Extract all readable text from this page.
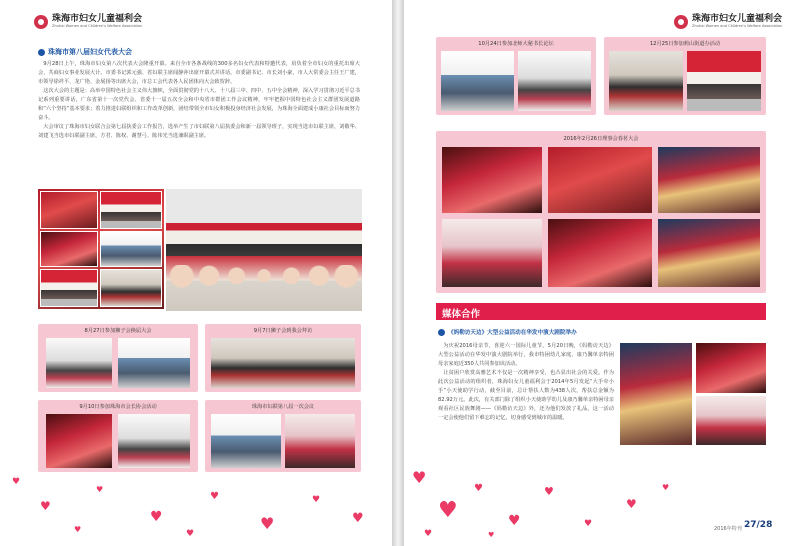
珠海市妇女儿童福利会
Zhuhai Women and Children's Welfare Association
珠海市第八届妇女代表大会

9月28日上午，珠海市妇女第八次代表大会隆重开幕。来自全市各条战线的300多名妇女代表和特邀代表，肩负着全市妇女的重托出席大会，共商妇女事业发展大计。市委书记郭元强、省妇联主席闻静萍出席开幕式并讲话。市委副书记、市长刘小豪，市人大常委会主任王广建，市领导徐祥平、龙广艳、金展扬等出席大会，市总工会代表各人民团体向大会致贺辞。

这次大会的主题是：高举中国特色社会主义伟大旗帜，全面贯彻党的十八大、十八届三中、四中、五中全会精神，深入学习贯彻习近平总书记系列重要讲话，广东省第十一次党代会、省委十一届五次全会和中央省市群团工作会议精神，牢牢把握中国特色社会主义群团发展道路和“六个坚持”基本要求；着力推进妇联组织和工作改革创新，团结带领全市妇女积极投身经济社会发展，为珠海全面建成小康社会目标而努力奋斗。

大会审议了珠海市妇女联合会第七届执委会工作报告，选举产生了市妇联第八届执委会和新一届领导班子，实现当选市妇联主席，刘敬华、刘建飞当选市妇联副主席，方君、陈权、谢慧弓、陈伟光当选兼职副主席。

8月27日参加狮子会换届大会	9月7日狮子会到我会拜访
9月10日参加珠海市会长协会活动	珠海市妇联第八届一次会议
♥
♥
♥
♥
♥
♥
♥
♥
♥	♥
珠海市妇女儿童福利会
Zhuhai Women and Children's Welfare Association
10月24日参加北师大秘书长论坛	12月25日参加莉山街道办活动
2016年2月26日理事会春茗大会
媒体合作
《妈勒访天边》大型公益活动在华发中演大剧院举办

为庆祝2016母亲节，喜迎六一国际儿童节，5月20日晚，《妈勒访天边》大型公益活动在华发中演大剧院举行，我市特困幼儿家庭、康乃馨单亲特困母亲家庭近350人共同参加该活动。

让贫困户欣赏高雅艺术不仅是一次精神享受，也凸显出社会的关爱。作为此次公益活动的组织者，珠海妇女儿童福利会于2014年5月发起“大手牵小手”小天使助学行动，截至目前，总计帮扶人数为438人次，帮扶总金额为82.92万元。此次，有关部门除了组织小天使助学幼儿及康乃馨单亲特困母亲观看社区民族舞剧——《妈勒访天边》外，还为他们发放了礼品，这一活动一定会使他们留下难忘的记忆，切身感受到城市的温暖。

♥
♥
♥
♥
♥
♥
♥
♥
♥	♥
2016年特刊 27/28
